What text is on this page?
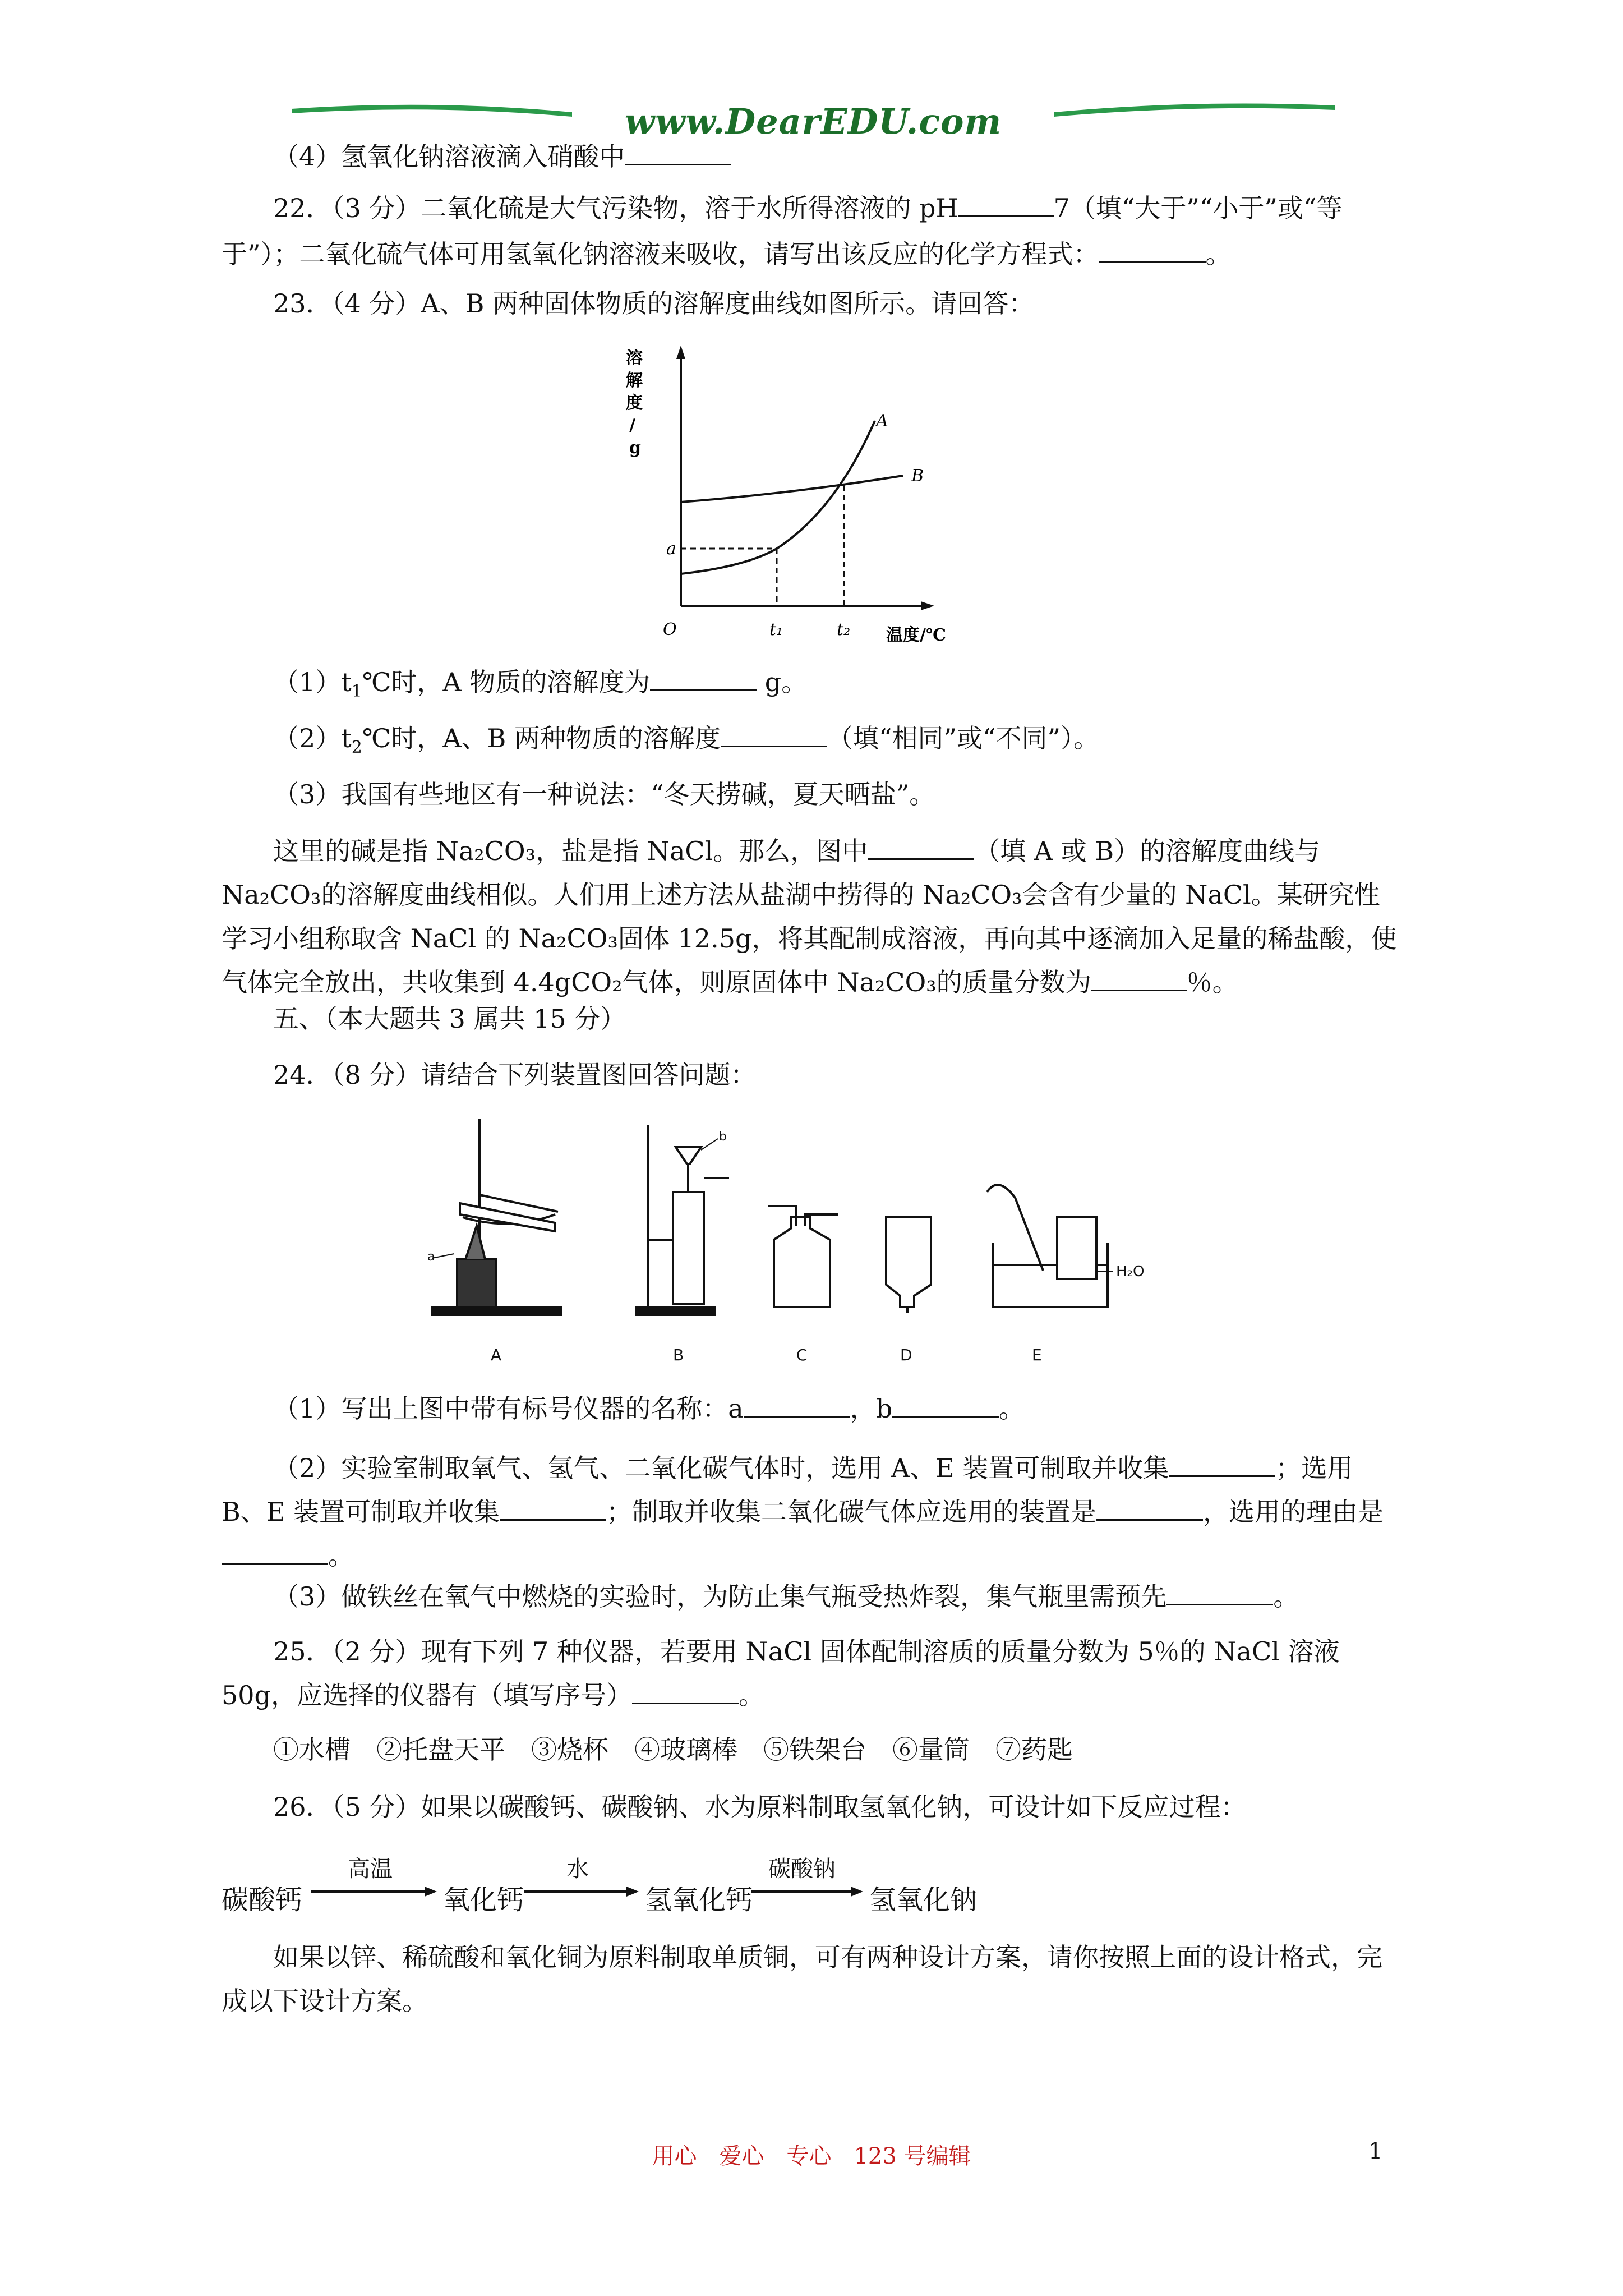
www.DearEDU.com

（4）氢氧化钠溶液滴入硝酸中

22．（3 分）二氧化硫是大气污染物，溶于水所得溶液的 pH	7（填“大于”“小于”或“等于”）；二氧化硫气体可用氢氧化钠溶液来吸收，请写出该反应的化学方程式：	。

23．（4 分）A、B 两种固体物质的溶解度曲线如图所示。请回答：

溶
解
度
/
g
a
O	t₁	t₂ 温度/℃
A
B

$(1)t_1℃$时，A 物质的溶解度为	g。

$(2)t_2℃$时，A、B 两种物质的溶解度	（填“相同”或“不同”）。

（3）我国有些地区有一种说法：“冬天捞碱，夏天晒盐”。

这里的碱是指 Na₂CO₃，盐是指 NaCl。那么，图中	（填 A 或 B）的溶解度曲线与 Na₂CO₃的溶解度曲线相似。人们用上述方法从盐湖中捞得的 Na₂CO₃会含有少量的 NaCl。某研究性学习小组称取含 NaCl 的 Na₂CO₃固体 12.5g，将其配制成溶液，再向其中逐滴加入足量的稀盐酸，使气体完全放出，共收集到 4.4gCO₂气体，则原固体中 Na₂CO₃的质量分数为	％。

五、（本大题共 3 属共 15 分）

24．（8 分）请结合下列装置图回答问题：

a
A
b
B	C	D
H₂O
E

（1）写出上图中带有标号仪器的名称：a	，b	。

（2）实验室制取氧气、氢气、二氧化碳气体时，选用 A、E 装置可制取并收集	；选用 B、E 装置可制取并收集	；制取并收集二氧化碳气体应选用的装置是	，选用的理由是。

（3）做铁丝在氧气中燃烧的实验时，为防止集气瓶受热炸裂，集气瓶里需预先	。

25．（2 分）现有下列 7 种仪器，若要用 NaCl 固体配制溶质的质量分数为 5％的 NaCl 溶液 50g，应选择的仪器有（填写序号）	。

①水槽　②托盘天平　③烧杯　④玻璃棒　⑤铁架台　⑥量筒　⑦药匙

26．（5 分）如果以碳酸钙、碳酸钠、水为原料制取氢氧化钠，可设计如下反应过程：

碳酸钙
高温
氧化钙
水
氢氧化钙
碳酸钠
氢氧化钠

如果以锌、稀硫酸和氧化铜为原料制取单质铜，可有两种设计方案，请你按照上面的设计格式，完成以下设计方案。

用心　爱心　专心　123 号编辑	1
